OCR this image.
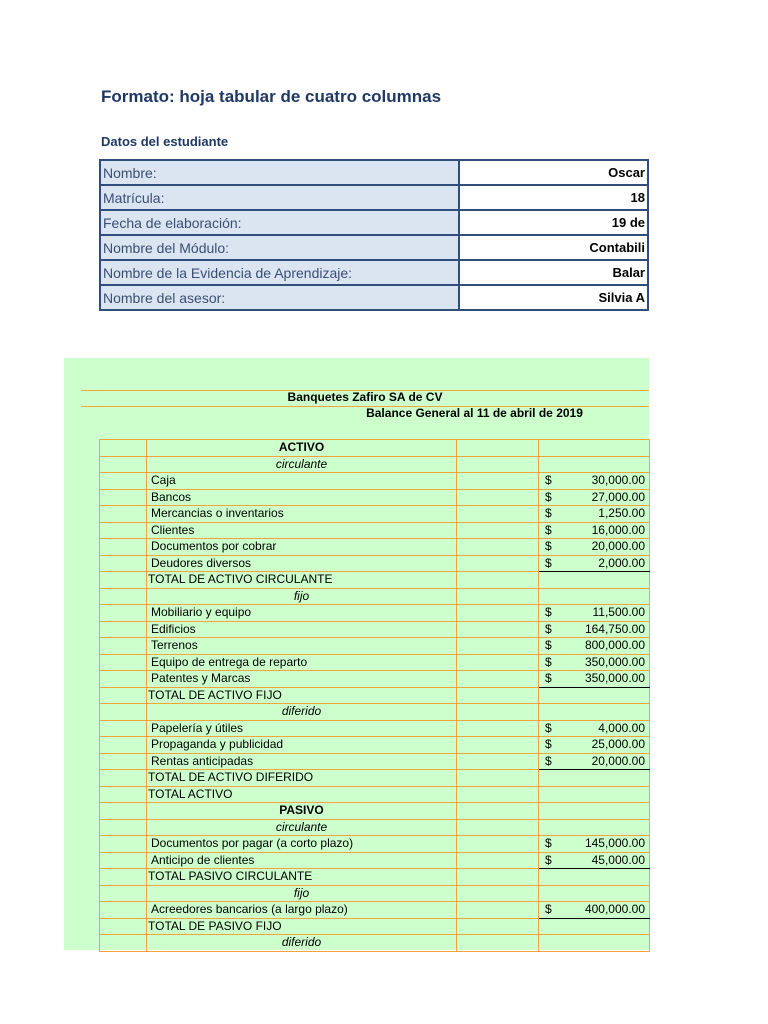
Formato: hoja tabular de cuatro columnas
Datos del estudiante
Nombre:	Oscar
Matrícula:	18
Fecha de elaboración:	19 de
Nombre del Módulo:	Contabili
Nombre de la Evidencia de Aprendizaje:	Balar
Nombre del asesor:	Silvia A
Banquetes Zafiro SA de CV
Balance General al 11 de abril de 2019
	ACTIVO		
	circulante		
	Caja		$ 30,000.00

	Bancos		$ 27,000.00

	Mercancias o inventarios		$ 1,250.00

	Clientes		$ 16,000.00

	Documentos por cobrar		$ 20,000.00

	Deudores diversos		$ 2,000.00

	TOTAL DE ACTIVO CIRCULANTE		
	fijo		
	Mobiliario y equipo		$ 11,500.00

	Edificios		$ 164,750.00

	Terrenos		$ 800,000.00

	Equipo de entrega de reparto		$ 350,000.00

	Patentes y Marcas		$ 350,000.00

	TOTAL DE ACTIVO FIJO		
	diferido		
	Papelería y útiles		$ 4,000.00

	Propaganda y publicidad		$ 25,000.00

	Rentas anticipadas		$ 20,000.00

	TOTAL DE ACTIVO DIFERIDO		
	TOTAL ACTIVO		
	PASIVO		
	circulante		
	Documentos por pagar (a corto plazo)		$ 145,000.00

	Anticipo de clientes		$ 45,000.00

	TOTAL PASIVO CIRCULANTE		
	fijo		
	Acreedores bancarios (a largo plazo)		$ 400,000.00

	TOTAL DE PASIVO FIJO		
	diferido		
